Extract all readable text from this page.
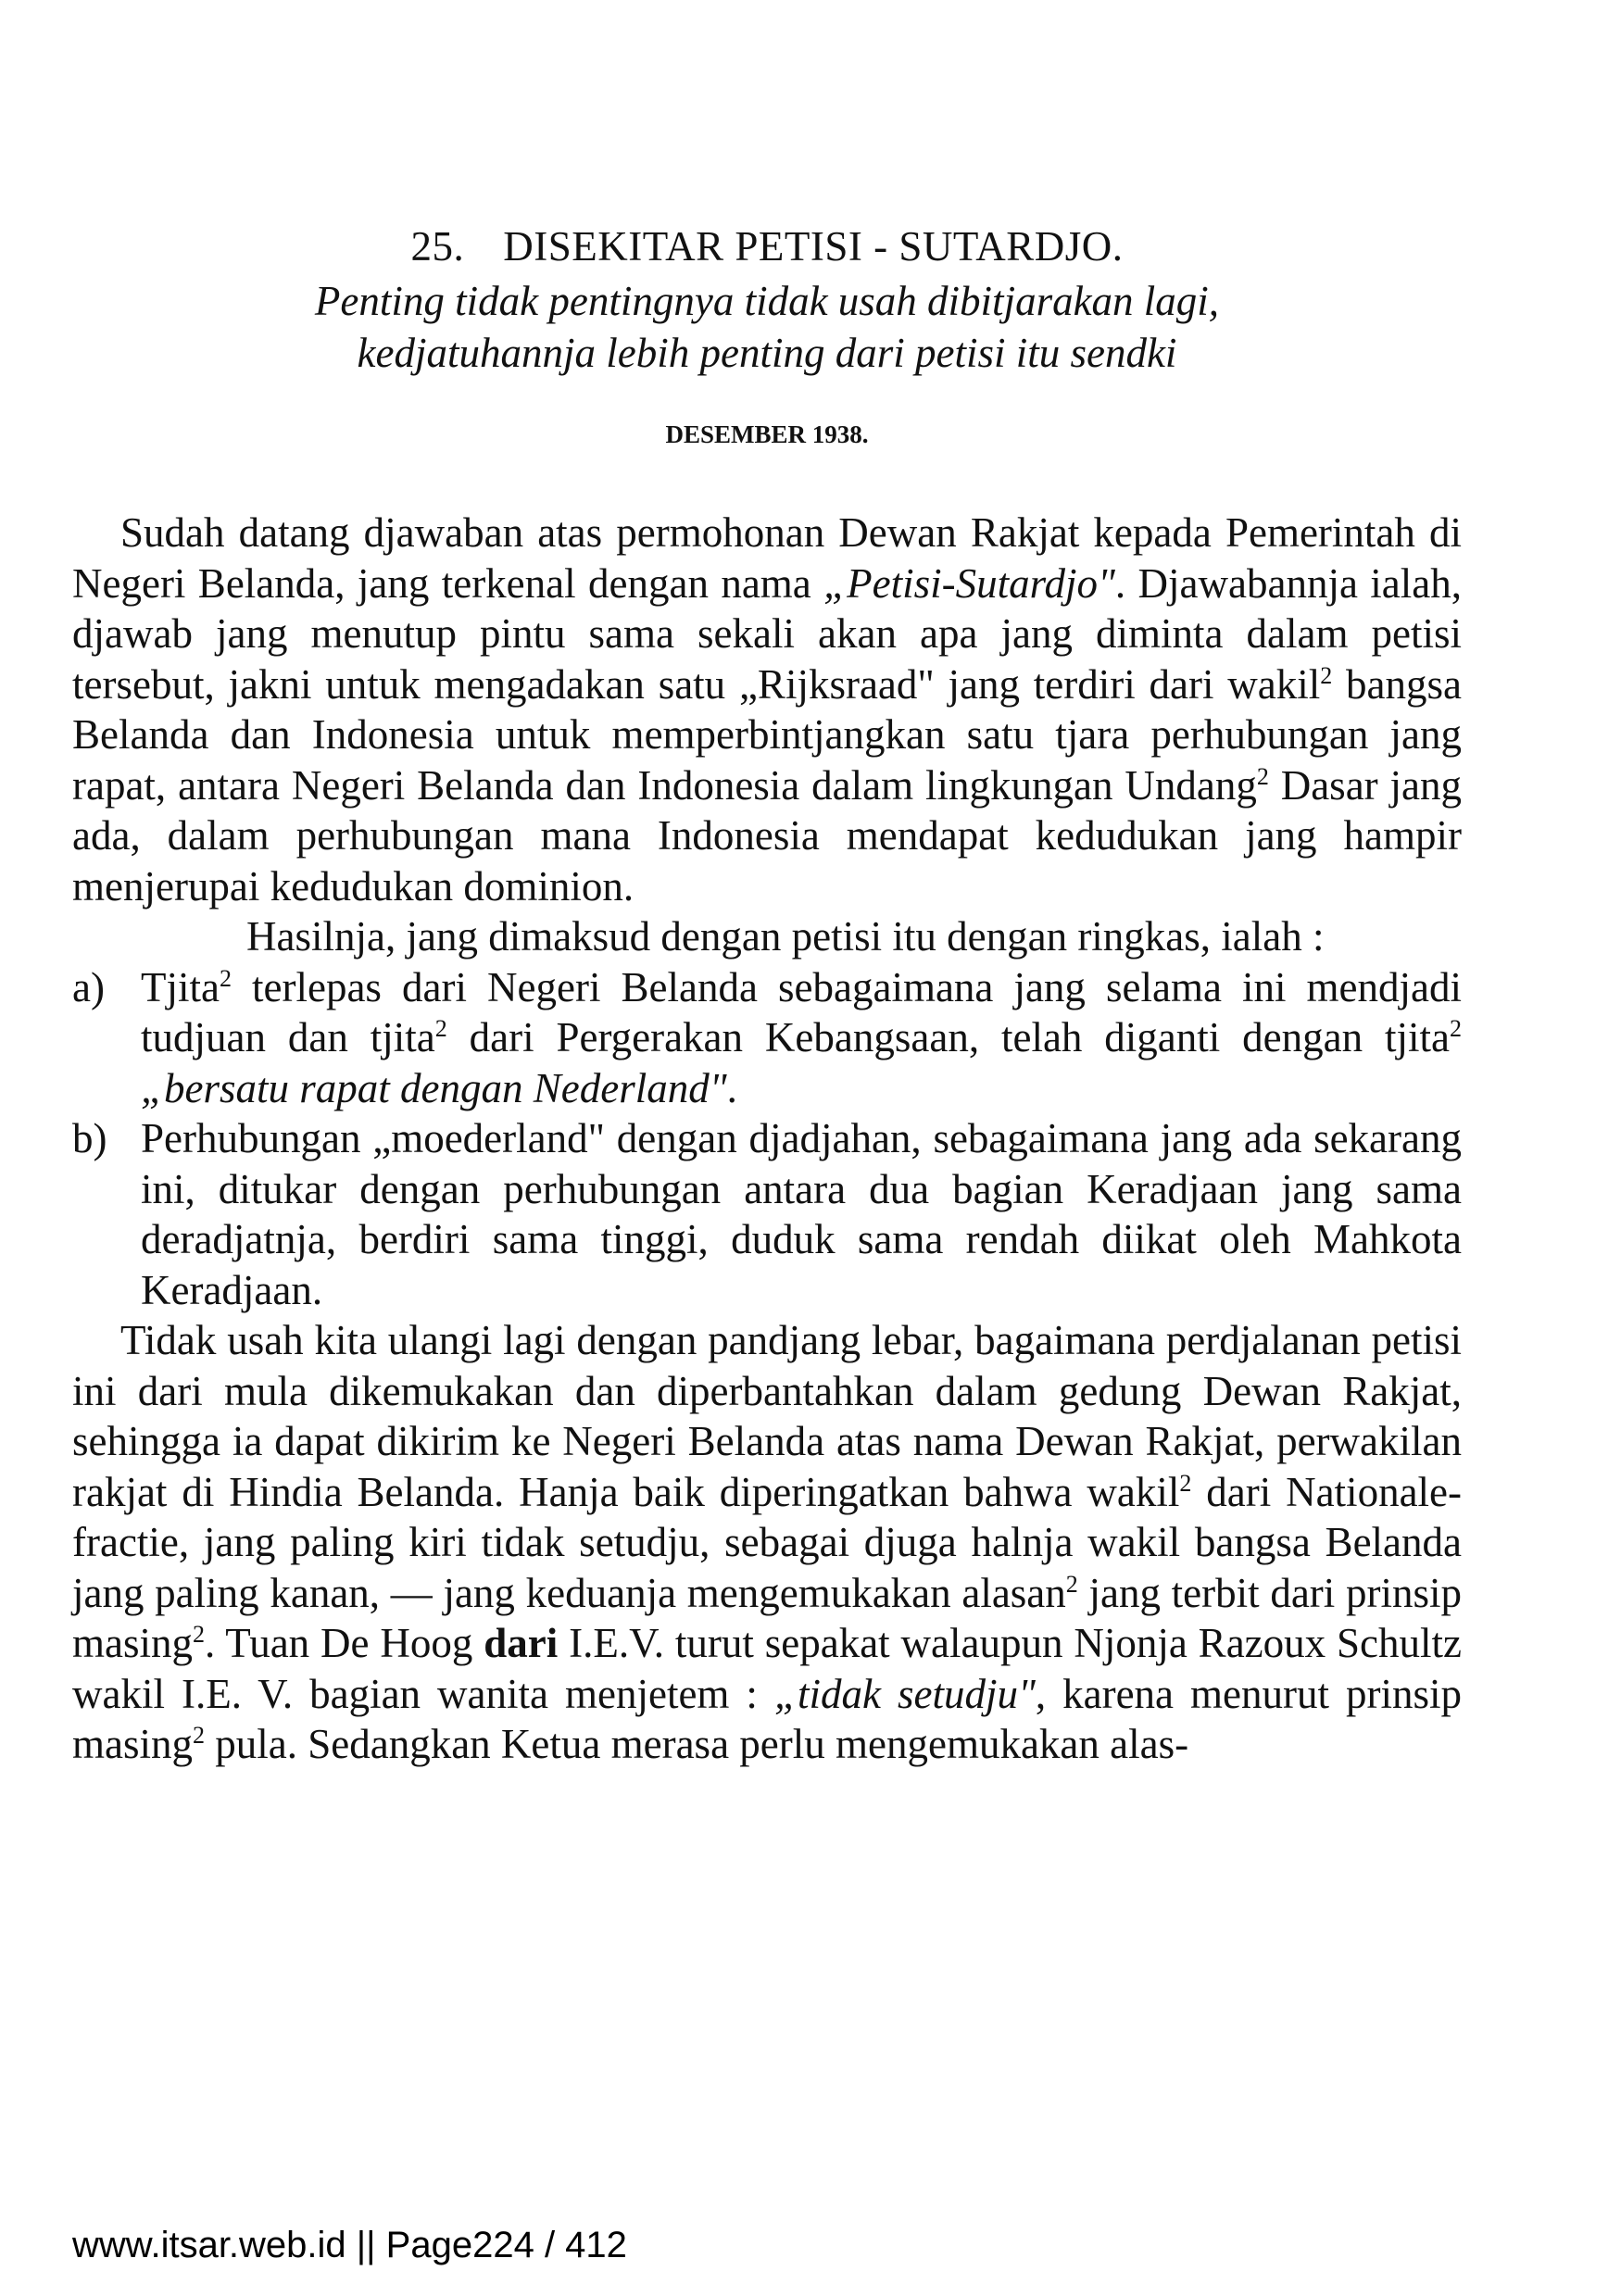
25. DISEKITAR PETISI - SUTARDJO.
Penting tidak pentingnya tidak usah dibitjarakan lagi,
kedjatuhannja lebih penting dari petisi itu sendki
DESEMBER 1938.

Sudah datang djawaban atas permohonan Dewan Rakjat kepada Pemerintah di Negeri Belanda, jang terkenal dengan nama „Petisi-Sutardjo". Djawabannja ialah, djawab jang menutup pintu sama sekali akan apa jang diminta dalam petisi tersebut, jakni untuk mengadakan satu „Rijksraad" jang terdiri dari wakil$^2$ bangsa Belanda dan Indonesia untuk memperbintjangkan satu tjara perhubungan jang rapat, antara Negeri Belanda dan Indonesia dalam lingkungan Undang$^2$ Dasar jang ada, dalam perhubungan mana Indonesia mendapat kedudukan jang hampir menjerupai kedudukan dominion.

Hasilnja, jang dimaksud dengan petisi itu dengan ringkas, ialah :

a) Tjita$^2$ terlepas dari Negeri Belanda sebagaimana jang selama ini mendjadi tudjuan dan tjita$^2$ dari Pergerakan Kebangsaan, telah diganti dengan tjita$^2$ „bersatu rapat dengan Nederland".
b) Perhubungan „moederland" dengan djadjahan, sebagaimana jang ada sekarang ini, ditukar dengan perhubungan antara dua bagian Keradjaan jang sama deradjatnja, berdiri sama tinggi, duduk sama rendah diikat oleh Mahkota Keradjaan.

Tidak usah kita ulangi lagi dengan pandjang lebar, bagaimana perdjalanan petisi ini dari mula dikemukakan dan diperbantahkan dalam gedung Dewan Rakjat, sehingga ia dapat dikirim ke Negeri Belanda atas nama Dewan Rakjat, perwakilan rakjat di Hindia Belanda. Hanja baik diperingatkan bahwa wakil$^2$ dari Nationale-fractie, jang paling kiri tidak setudju, sebagai djuga halnja wakil bangsa Belanda jang paling kanan, — jang keduanja mengemukakan alasan$^2$ jang terbit dari prinsip masing$^2$. Tuan De Hoog dari I.E.V. turut sepakat walaupun Njonja Razoux Schultz wakil I.E. V. bagian wanita menjetem : „tidak setudju", karena menurut prinsip masing$^2$ pula. Sedangkan Ketua merasa perlu mengemukakan alas-

www.itsar.web.id || Page224 / 412
